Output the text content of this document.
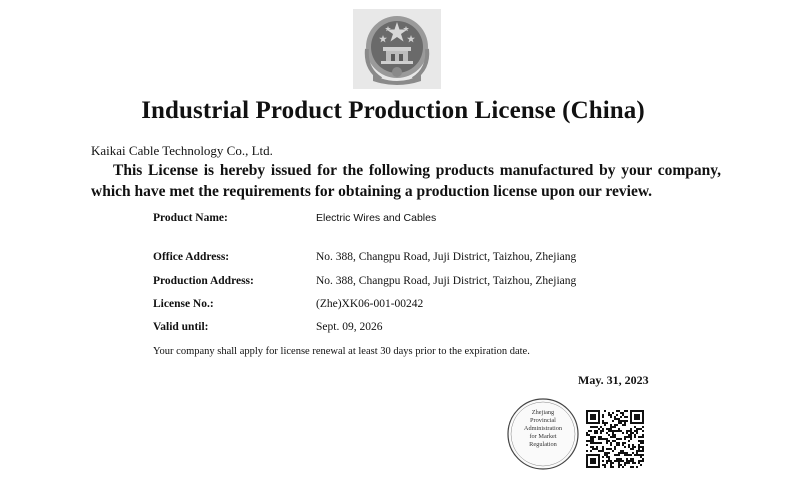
Industrial Product Production License (China)
Kaikai Cable Technology Co., Ltd.
This License is hereby issued for the following products manufactured by your company, which have met the requirements for obtaining a production license upon our review.
Product Name:	Electric Wires and Cables
Office Address:	No. 388, Changpu Road, Juji District, Taizhou, Zhejiang
Production Address:	No. 388, Changpu Road, Juji District, Taizhou, Zhejiang
License No.:	(Zhe)XK06-001-00242
Valid until:	Sept. 09, 2026
Your company shall apply for license renewal at least 30 days prior to the expiration date.
May. 31, 2023
Zhejiang
Provincial
Administration
for Market
Regulation
